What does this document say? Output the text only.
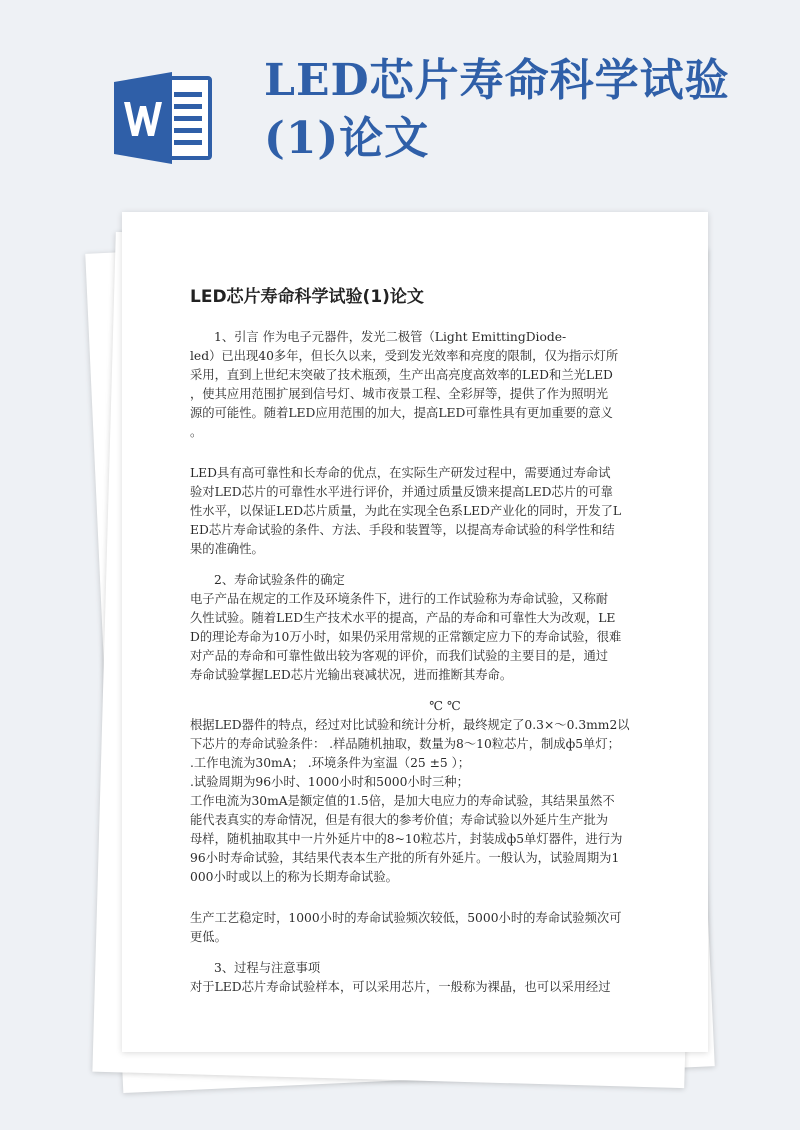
LED芯片寿命科学试验(1)论文
LED芯片寿命科学试验(1)论文

1、引言 作为电子元器件，发光二极管（Light EmittingDiode-

led）已出现40多年，但长久以来，受到发光效率和亮度的限制，仅为指示灯所

采用，直到上世纪末突破了技术瓶颈，生产出高亮度高效率的LED和兰光LED

，使其应用范围扩展到信号灯、城市夜景工程、全彩屏等，提供了作为照明光

源的可能性。随着LED应用范围的加大，提高LED可靠性具有更加重要的意义

。

LED具有高可靠性和长寿命的优点，在实际生产研发过程中，需要通过寿命试

验对LED芯片的可靠性水平进行评价，并通过质量反馈来提高LED芯片的可靠

性水平，以保证LED芯片质量，为此在实现全色系LED产业化的同时，开发了L

ED芯片寿命试验的条件、方法、手段和装置等，以提高寿命试验的科学性和结

果的准确性。

2、寿命试验条件的确定

电子产品在规定的工作及环境条件下，进行的工作试验称为寿命试验，又称耐

久性试验。随着LED生产技术水平的提高，产品的寿命和可靠性大为改观，LE

D的理论寿命为10万小时，如果仍采用常规的正常额定应力下的寿命试验，很难

对产品的寿命和可靠性做出较为客观的评价，而我们试验的主要目的是，通过

寿命试验掌握LED芯片光输出衰减状况，进而推断其寿命。

℃ ℃

根据LED器件的特点，经过对比试验和统计分析，最终规定了0.3×～0.3mm2以

下芯片的寿命试验条件： .样品随机抽取，数量为8～10粒芯片，制成ф5单灯；

.工作电流为30mA； .环境条件为室温（25 ±5 ）；

.试验周期为96小时、1000小时和5000小时三种；

工作电流为30mA是额定值的1.5倍，是加大电应力的寿命试验，其结果虽然不

能代表真实的寿命情况，但是有很大的参考价值；寿命试验以外延片生产批为

母样，随机抽取其中一片外延片中的8~10粒芯片，封装成ф5单灯器件，进行为

96小时寿命试验，其结果代表本生产批的所有外延片。一般认为，试验周期为1

000小时或以上的称为长期寿命试验。

生产工艺稳定时，1000小时的寿命试验频次较低，5000小时的寿命试验频次可

更低。

3、过程与注意事项

对于LED芯片寿命试验样本，可以采用芯片，一般称为裸晶，也可以采用经过
